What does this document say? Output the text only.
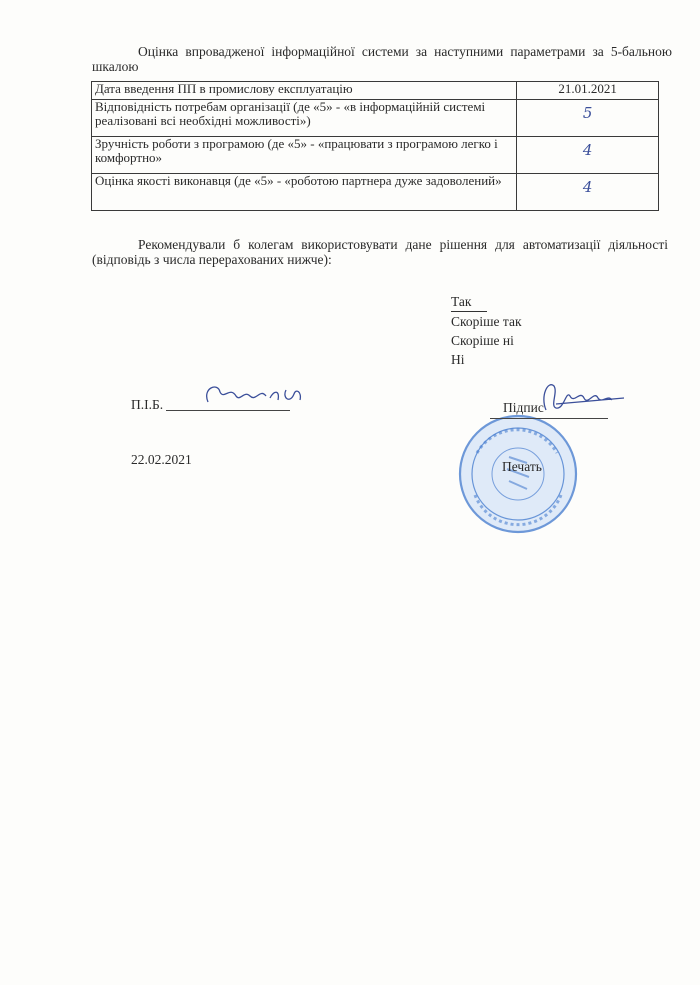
Оцінка впровадженої інформаційної системи за наступними параметрами за 5-бальною шкалою
Дата введення ПП в промислову експлуатацію	21.01.2021
Відповідність потребам організації (де «5» - «в інформаційній системі реалізовані всі необхідні можливості»)	5
Зручність роботи з програмою (де «5» - «працювати з програмою легко і комфортно»	4
Оцінка якості виконавця (де «5» - «роботою партнера дуже задоволений»	4
Рекомендували б колегам використовувати дане рішення для автоматизації діяльності (відповідь з числа перерахованих нижче):
Так
Скоріше так
Скоріше ні
Ні
П.І.Б.
Печать
Підпис
22.02.2021
